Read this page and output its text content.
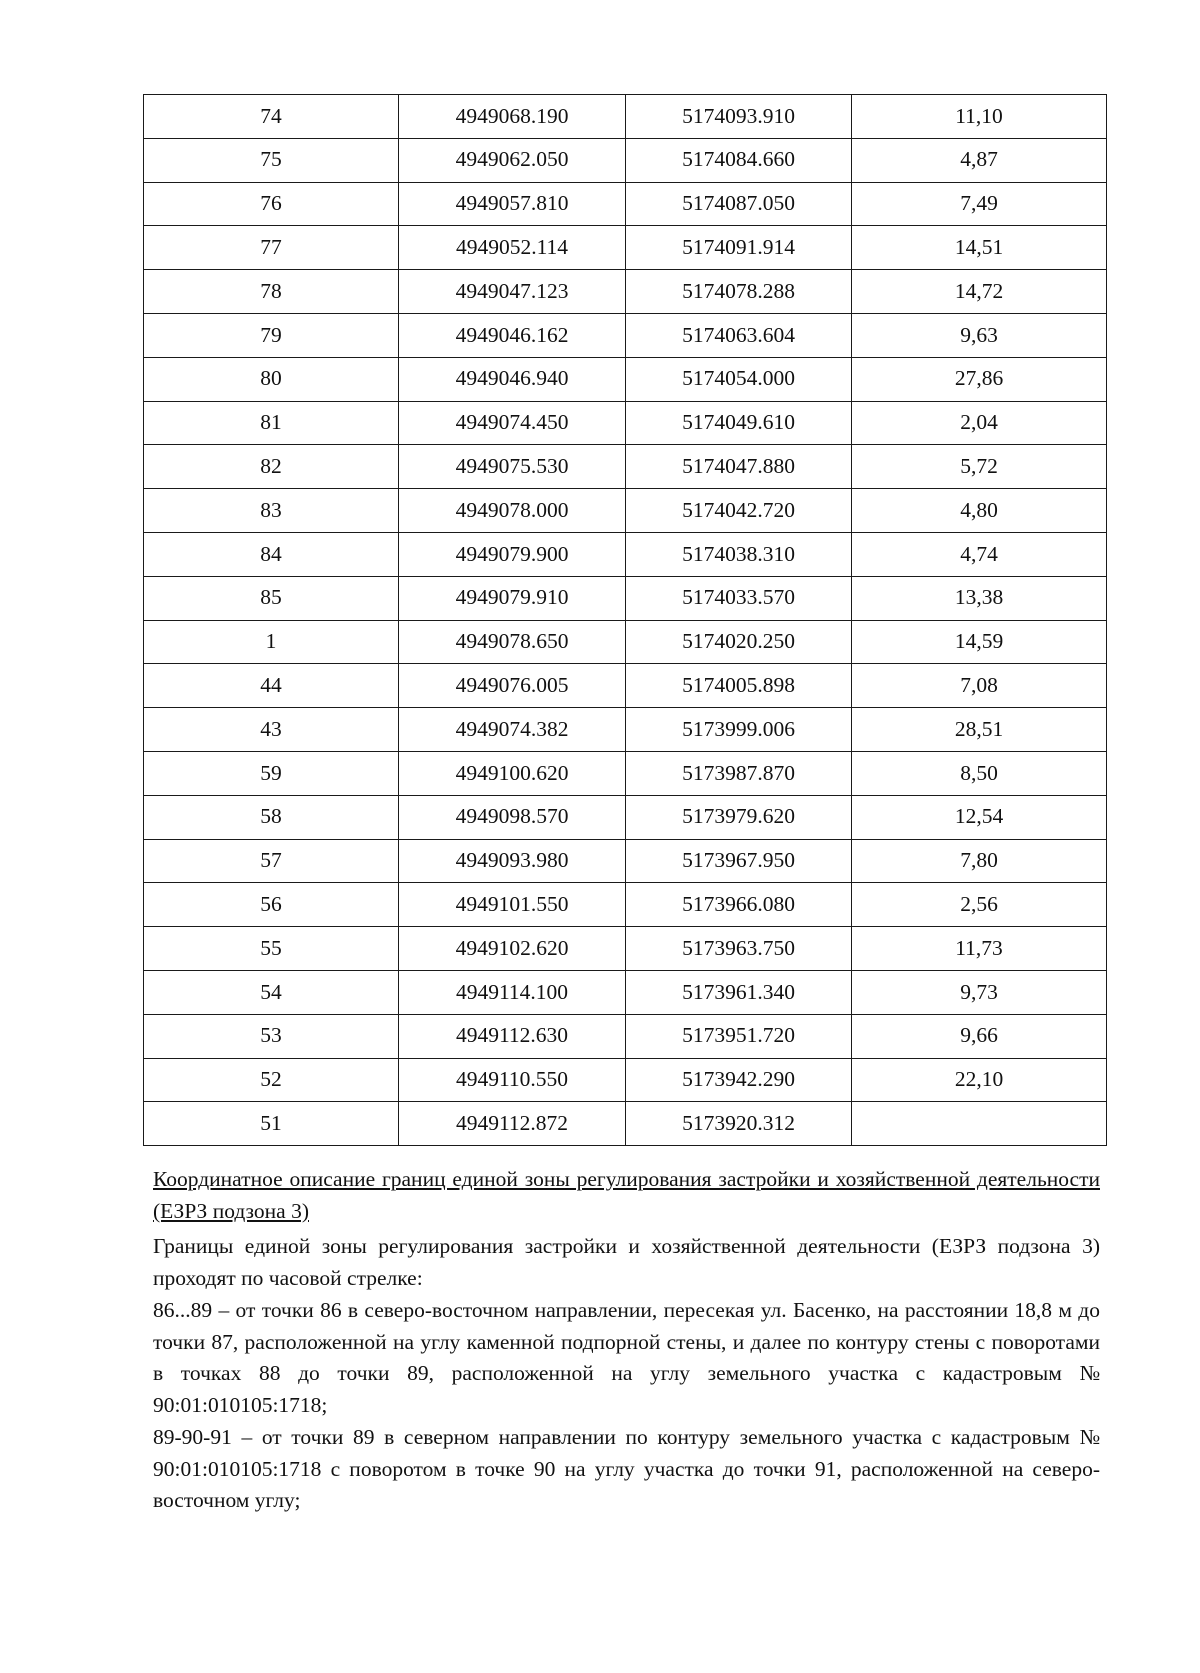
74	4949068.190	5174093.910	11,10
75	4949062.050	5174084.660	4,87
76	4949057.810	5174087.050	7,49
77	4949052.114	5174091.914	14,51
78	4949047.123	5174078.288	14,72
79	4949046.162	5174063.604	9,63
80	4949046.940	5174054.000	27,86
81	4949074.450	5174049.610	2,04
82	4949075.530	5174047.880	5,72
83	4949078.000	5174042.720	4,80
84	4949079.900	5174038.310	4,74
85	4949079.910	5174033.570	13,38
1	4949078.650	5174020.250	14,59
44	4949076.005	5174005.898	7,08
43	4949074.382	5173999.006	28,51
59	4949100.620	5173987.870	8,50
58	4949098.570	5173979.620	12,54
57	4949093.980	5173967.950	7,80
56	4949101.550	5173966.080	2,56
55	4949102.620	5173963.750	11,73
54	4949114.100	5173961.340	9,73
53	4949112.630	5173951.720	9,66
52	4949110.550	5173942.290	22,10
51	4949112.872	5173920.312	

Координатное описание границ единой зоны регулирования застройки и хозяйственной деятельности (ЕЗРЗ подзона 3)

Границы единой зоны регулирования застройки и хозяйственной деятельности (ЕЗРЗ подзона 3) проходят по часовой стрелке:

86...89 – от точки 86 в северо-восточном направлении, пересекая ул. Басенко, на расстоянии 18,8 м до точки 87, расположенной на углу каменной подпорной стены, и далее по контуру стены с поворотами в точках 88 до точки 89, расположенной на углу земельного участка с кадастровым № 90:01:010105:1718;

89-90-91 – от точки 89 в северном направлении по контуру земельного участка с кадастровым № 90:01:010105:1718 с поворотом в точке 90 на углу участка до точки 91, расположенной на северо-восточном углу;
